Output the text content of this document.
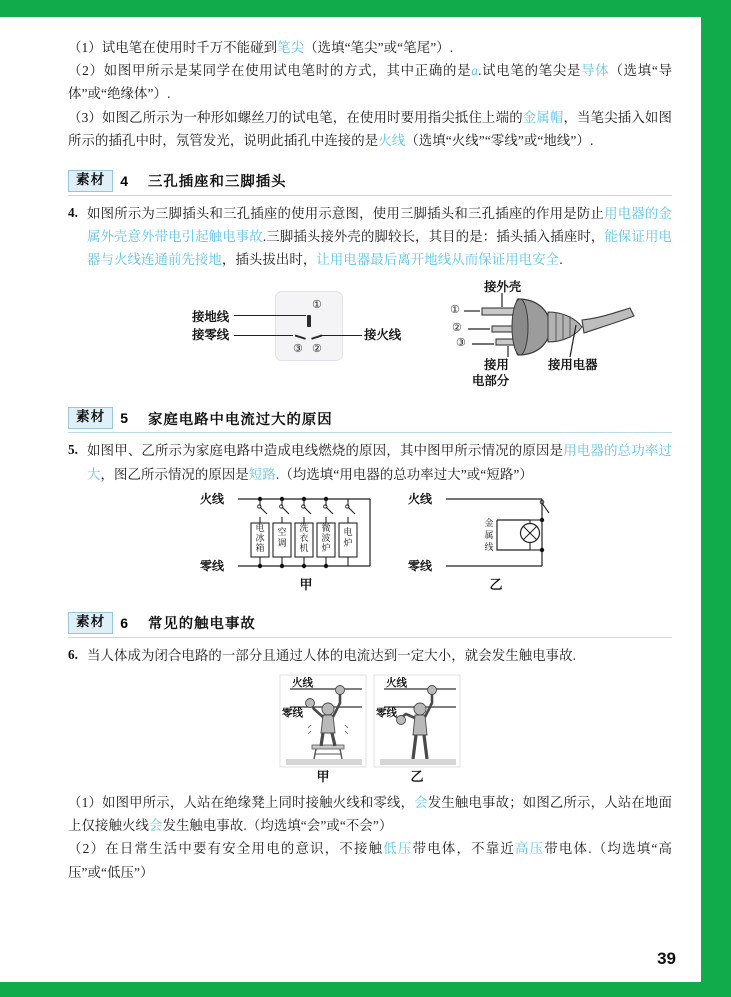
（1）试电笔在使用时千万不能碰到笔尖（选填“笔尖”或“笔尾”）.
（2）如图甲所示是某同学在使用试电笔时的方式，其中正确的是a.试电笔的笔尖是导体（选填“导体”或“绝缘体”）.
（3）如图乙所示为一种形如螺丝刀的试电笔，在使用时要用指尖抵住上端的金属帽，当笔尖插入如图所示的插孔中时，氖管发光，说明此插孔中连接的是火线（选填“火线”“零线”或“地线”）.
素材	4 三孔插座和三脚插头
4. 如图所示为三脚插头和三孔插座的使用示意图，使用三脚插头和三孔插座的作用是防止用电器的金属外壳意外带电引起触电事故.三脚插头接外壳的脚较长，其目的是：插头插入插座时，能保证用电器与火线连通前先接地，插头拔出时，让用电器最后离开地线从而保证用电安全.
①
③ ②
接地线
接零线	接火线
接外壳
①
②
③
接用
电部分
接用电器
素材	5 家庭电路中电流过大的原因
5. 如图甲、乙所示为家庭电路中造成电线燃烧的原因，其中图甲所示情况的原因是用电器的总功率过大，图乙所示情况的原因是短路.（均选填“用电器的总功率过大”或“短路”）
火线
零线
电
冰
箱
空
调
洗
衣
机
微
波
炉
电
炉
火线
零线
金
属
线
甲	乙
素材	6 常见的触电事故
6. 当人体成为闭合电路的一部分且通过人体的电流达到一定大小，就会发生触电事故.
火线
零线
火线
零线
甲	乙
（1）如图甲所示，人站在绝缘凳上同时接触火线和零线，会发生触电事故；如图乙所示，人站在地面上仅接触火线会发生触电事故.（均选填“会”或“不会”）
（2）在日常生活中要有安全用电的意识，不接触低压带电体，不靠近高压带电体.（均选填“高压”或“低压”）
39
